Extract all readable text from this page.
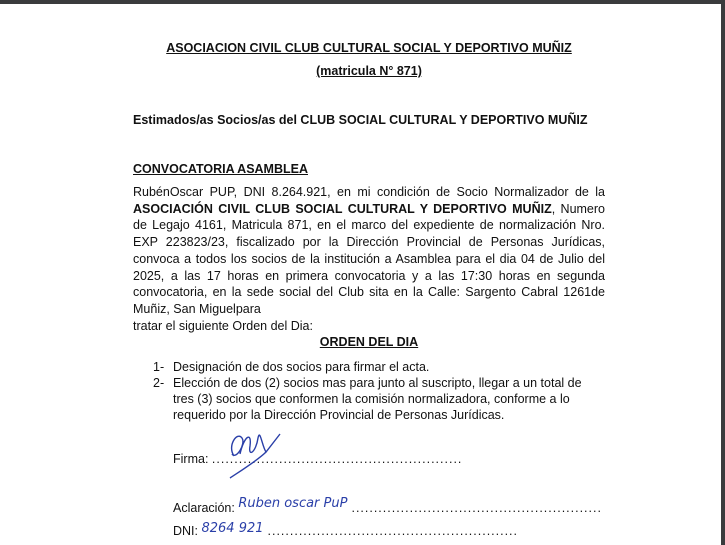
ASOCIACION CIVIL CLUB CULTURAL SOCIAL Y DEPORTIVO MUÑIZ
(matricula N° 871)
Estimados/as Socios/as del CLUB SOCIAL CULTURAL Y DEPORTIVO MUÑIZ
CONVOCATORIA ASAMBLEA
RubénOscar PUP, DNI 8.264.921, en mi condición de Socio Normalizador de la ASOCIACIÓN CIVIL CLUB SOCIAL CULTURAL Y DEPORTIVO MUÑIZ, Numero de Legajo 4161, Matricula 871, en el marco del expediente de normalización Nro. EXP 223823/23, fiscalizado por la Dirección Provincial de Personas Jurídicas, convoca a todos los socios de la institución a Asamblea para el dia 04 de Julio del 2025, a las 17 horas en primera convocatoria y a las 17:30 horas en segunda convocatoria, en la sede social del Club sita en la Calle: Sargento Cabral 1261de Muñiz, San Miguelpara
tratar el siguiente Orden del Dia:
ORDEN DEL DIA
1- Designación de dos socios para firmar el acta.
2- Elección de dos (2) socios mas para junto al suscripto, llegar a un total de tres (3) socios que conformen la comisión normalizadora, conforme a lo requerido por la Dirección Provincial de Personas Jurídicas.
Firma: ........................................................
Aclaración: Ruben oscar PuP ........................................................
DNI: 8264 921 ........................................................
